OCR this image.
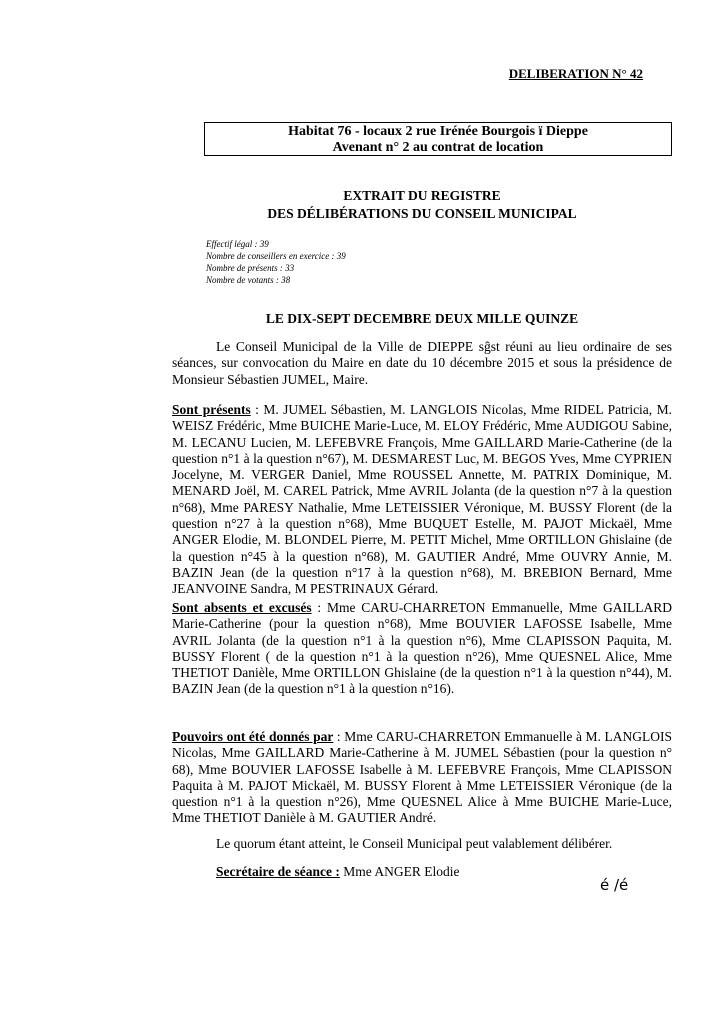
DELIBERATION N° 42
Habitat 76 - locaux 2 rue Irénée Bourgois ï Dieppe
Avenant n° 2 au contrat de location
EXTRAIT DU REGISTRE
DES DÉLIBÉRATIONS DU CONSEIL MUNICIPAL
Effectif légal : 39
Nombre de conseillers en exercice : 39
Nombre de présents : 33
Nombre de votants : 38
LE DIX-SEPT DECEMBRE DEUX MILLE QUINZE
Le Conseil Municipal de la Ville de DIEPPE sĝst réuni au lieu ordinaire de ses séances, sur convocation du Maire en date du 10 décembre 2015 et sous la présidence de Monsieur Sébastien JUMEL, Maire.
Sont présents : M. JUMEL Sébastien, M. LANGLOIS Nicolas, Mme RIDEL Patricia, M. WEISZ Frédéric, Mme BUICHE Marie-Luce, M. ELOY Frédéric, Mme AUDIGOU Sabine, M. LECANU Lucien, M. LEFEBVRE François, Mme GAILLARD Marie-Catherine (de la question n°1 à la question n°67), M. DESMAREST Luc, M. BEGOS Yves, Mme CYPRIEN Jocelyne, M. VERGER Daniel, Mme ROUSSEL Annette, M. PATRIX Dominique, M. MENARD Joël, M. CAREL Patrick, Mme AVRIL Jolanta (de la question n°7 à la question n°68), Mme PARESY Nathalie, Mme LETEISSIER Véronique, M. BUSSY Florent (de la question n°27 à la question n°68), Mme BUQUET Estelle, M. PAJOT Mickaël, Mme ANGER Elodie, M. BLONDEL Pierre, M. PETIT Michel, Mme ORTILLON Ghislaine (de la question n°45 à la question n°68), M. GAUTIER André, Mme OUVRY Annie, M. BAZIN Jean (de la question n°17 à la question n°68), M. BREBION Bernard, Mme JEANVOINE Sandra, M PESTRINAUX Gérard.
Sont absents et excusés : Mme CARU-CHARRETON Emmanuelle, Mme GAILLARD Marie-Catherine (pour la question n°68), Mme BOUVIER LAFOSSE Isabelle, Mme AVRIL Jolanta (de la question n°1 à la question n°6), Mme CLAPISSON Paquita, M. BUSSY Florent ( de la question n°1 à la question n°26), Mme QUESNEL Alice, Mme THETIOT Danièle, Mme ORTILLON Ghislaine (de la question n°1 à la question n°44), M. BAZIN Jean (de la question n°1 à la question n°16).
Pouvoirs ont été donnés par : Mme CARU-CHARRETON Emmanuelle à M. LANGLOIS Nicolas, Mme GAILLARD Marie-Catherine à M. JUMEL Sébastien (pour la question n° 68), Mme BOUVIER LAFOSSE Isabelle à M. LEFEBVRE François, Mme CLAPISSON Paquita à M. PAJOT Mickaël, M. BUSSY Florent à Mme LETEISSIER Véronique (de la question n°1 à la question n°26), Mme QUESNEL Alice à Mme BUICHE Marie-Luce, Mme THETIOT Danièle à M. GAUTIER André.
Le quorum étant atteint, le Conseil Municipal peut valablement délibérer.
Secrétaire de séance : Mme ANGER Elodie
é /é
